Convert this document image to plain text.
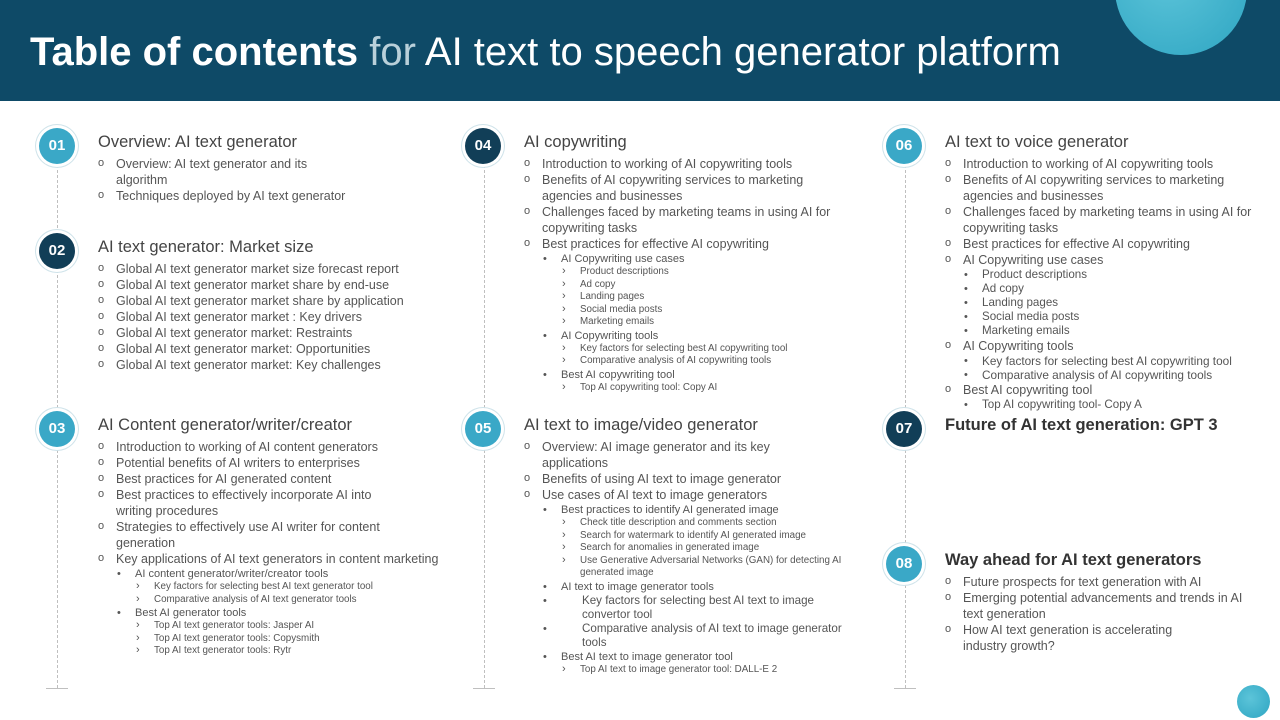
Table of contents for AI text to speech generator platform
01
02
03
04
05
06
07
08
Overview: AI text generator
o Overview: AI text generator and its algorithm
o Techniques deployed by AI text generator
AI text generator: Market size
o Global AI text generator market size forecast report
o Global AI text generator market share by end-use
o Global AI text generator market share by application
o Global AI text generator market : Key drivers
o Global AI text generator market: Restraints
o Global AI text generator market: Opportunities
o Global AI text generator market: Key challenges
AI Content generator/writer/creator
o Introduction to working of AI content generators
o Potential benefits of AI writers to enterprises
o Best practices for AI generated content
o Best practices to effectively incorporate AI into writing procedures
o Strategies to effectively use AI writer for content generation
o Key applications of AI text generators in content marketing
• AI content generator/writer/creator tools
› Key factors for selecting best AI text generator tool
› Comparative analysis of AI text generator tools
• Best AI generator tools
› Top AI text generator tools: Jasper AI
› Top AI text generator tools: Copysmith
› Top AI text generator tools: Rytr
AI copywriting
o Introduction to working of AI copywriting tools
o Benefits of AI copywriting services to marketing agencies and businesses
o Challenges faced by marketing teams in using AI for copywriting tasks
o Best practices for effective AI copywriting
• AI Copywriting use cases
› Product descriptions
› Ad copy
› Landing pages
› Social media posts
› Marketing emails
• AI Copywriting tools
› Key factors for selecting best AI copywriting tool
› Comparative analysis of AI copywriting tools
• Best AI copywriting tool
› Top AI copywriting tool: Copy AI
AI text to image/video generator
o Overview: AI image generator and its key applications
o Benefits of using AI text to image generator
o Use cases of AI text to image generators
• Best practices to identify AI generated image
› Check title description and comments section
› Search for watermark to identify AI generated image
› Search for anomalies in generated image
› Use Generative Adversarial Networks (GAN) for detecting AI generated image
• AI text to image generator tools
• Key factors for selecting best AI text to image convertor tool
• Comparative analysis of AI text to image generator tools
• Best AI text to image generator tool
› Top AI text to image generator tool: DALL-E 2
AI text to voice generator
o Introduction to working of AI copywriting tools
o Benefits of AI copywriting services to marketing agencies and businesses
o Challenges faced by marketing teams in using AI for copywriting tasks
o Best practices for effective AI copywriting
o AI Copywriting use cases
• Product descriptions
• Ad copy
• Landing pages
• Social media posts
• Marketing emails
o AI Copywriting tools
• Key factors for selecting best AI copywriting tool
• Comparative analysis of AI copywriting tools
o Best AI copywriting tool
• Top AI copywriting tool- Copy A
Future of AI text generation: GPT 3
Way ahead for AI text generators
o Future prospects for text generation with AI
o Emerging potential advancements and trends in AI text generation
o How AI text generation is accelerating industry growth?
